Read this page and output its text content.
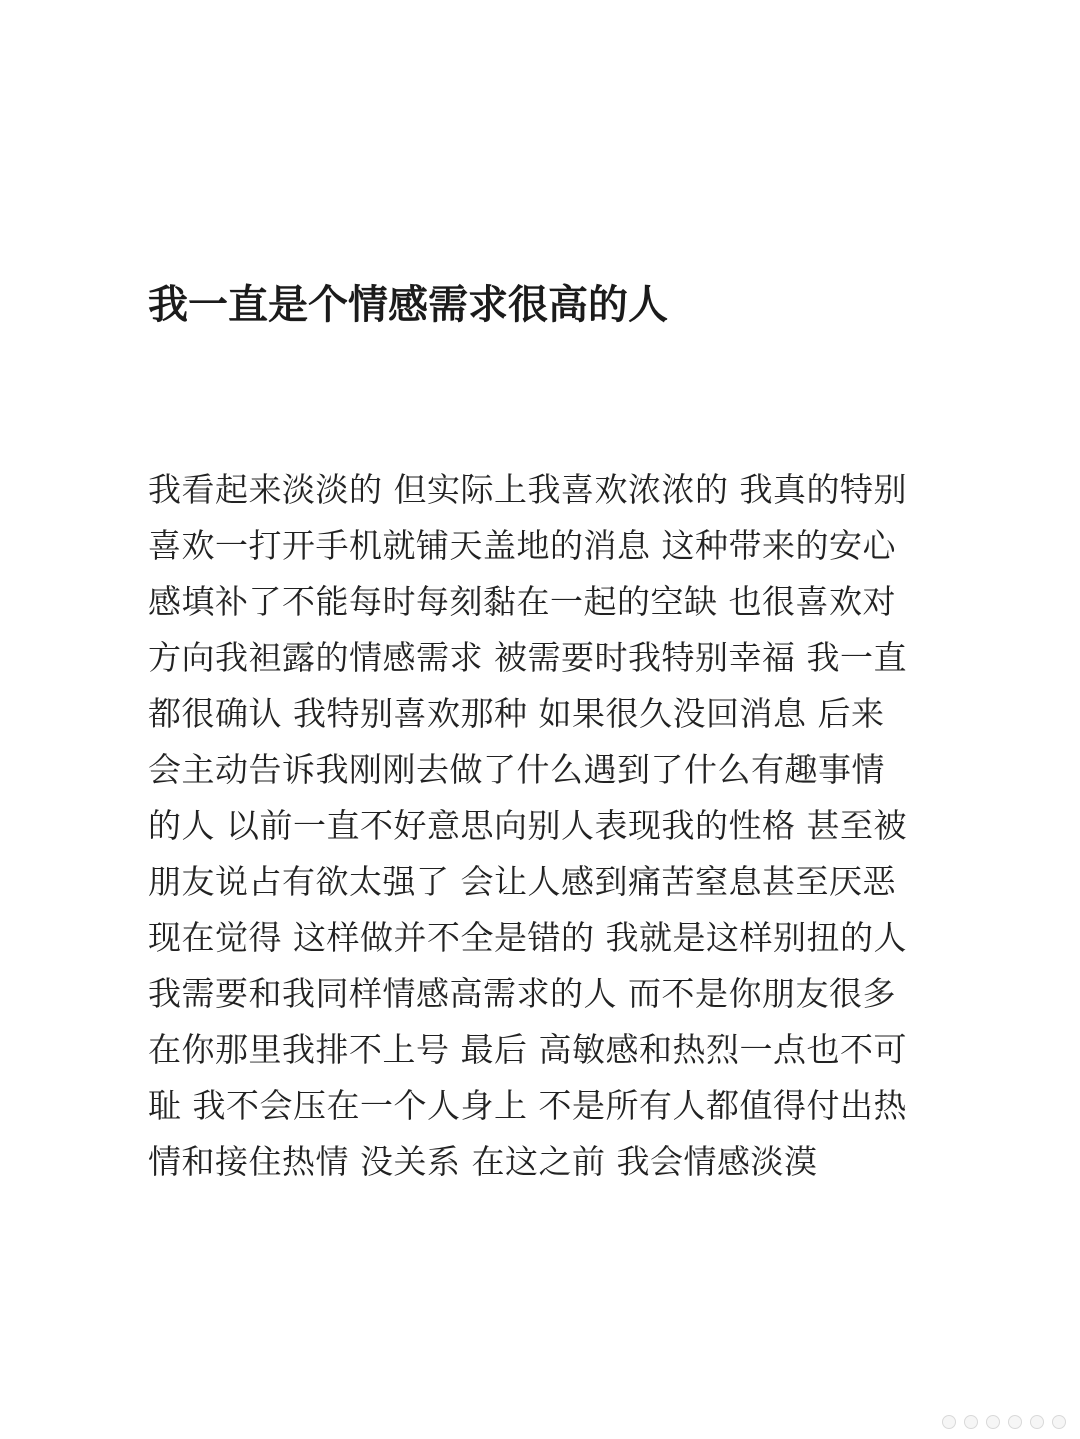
我一直是个情感需求很高的人
我看起来淡淡的 但实际上我喜欢浓浓的 我真的特别
喜欢一打开手机就铺天盖地的消息 这种带来的安心
感填补了不能每时每刻黏在一起的空缺 也很喜欢对
方向我袒露的情感需求 被需要时我特别幸福 我一直
都很确认 我特别喜欢那种 如果很久没回消息 后来
会主动告诉我刚刚去做了什么遇到了什么有趣事情
的人 以前一直不好意思向别人表现我的性格 甚至被
朋友说占有欲太强了 会让人感到痛苦窒息甚至厌恶
现在觉得 这样做并不全是错的 我就是这样别扭的人
我需要和我同样情感高需求的人 而不是你朋友很多
在你那里我排不上号 最后 高敏感和热烈一点也不可
耻 我不会压在一个人身上 不是所有人都值得付出热
情和接住热情 没关系 在这之前 我会情感淡漠
